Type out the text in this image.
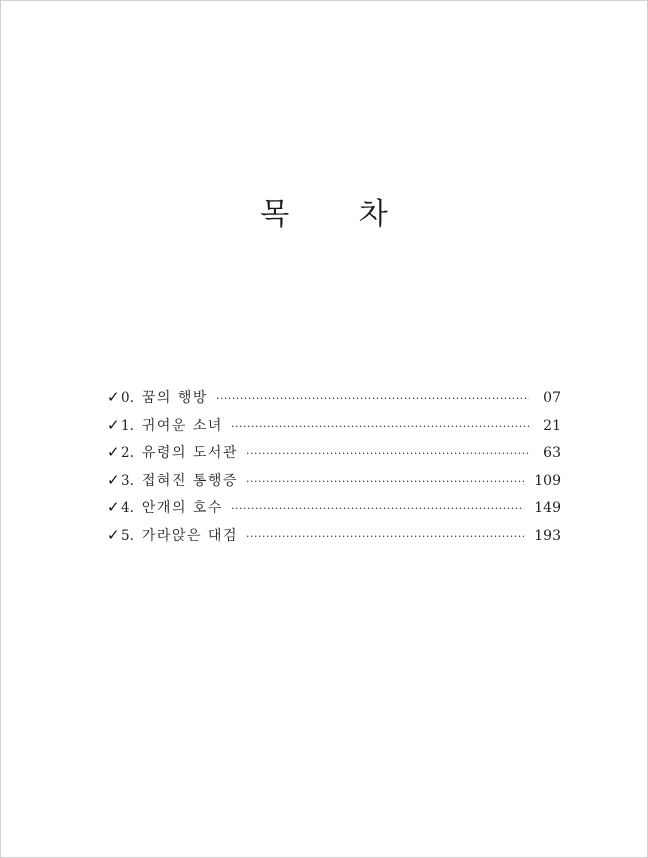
목 차
✓ 0. 꿈의 행방 ·····	07
✓ 1. 귀여운 소녀 ·····	21
✓ 2. 유령의 도서관 ·····	63
✓ 3. 접혀진 통행증 ·····	109
✓ 4. 안개의 호수 ·····	149
✓ 5. 가라앉은 대검 ·····	193
